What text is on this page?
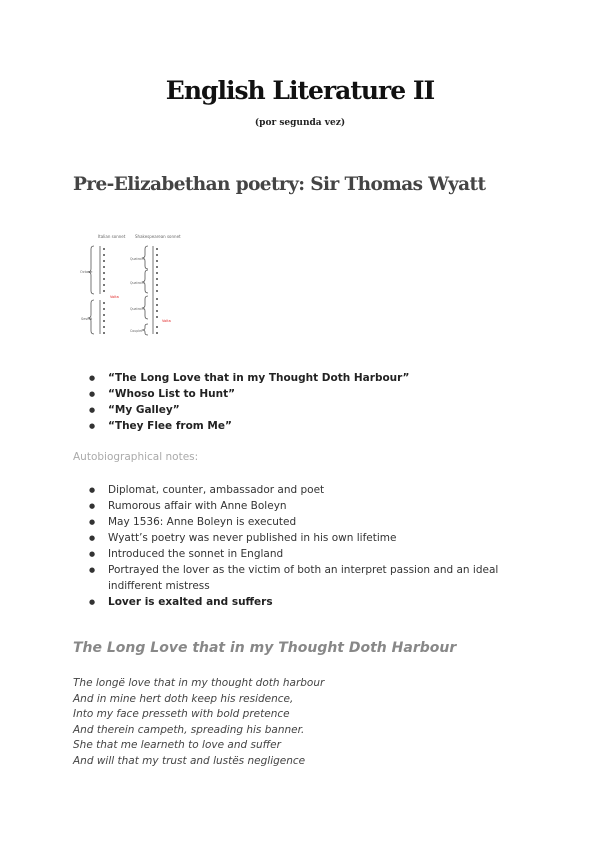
English Literature II

(por segunda vez)

Pre-Elizabethan poetry: Sir Thomas Wyatt
Italian sonnet Shakespearean sonnet
Octave
Sestet
Volta
Quatrain
Quatrain
Quatrain
Couplet
Volta
● “The Long Love that in my Thought Doth Harbour”
● “Whoso List to Hunt”
● “My Galley”
● “They Flee from Me”

Autobiographical notes:

● Diplomat, counter, ambassador and poet
● Rumorous affair with Anne Boleyn
● May 1536: Anne Boleyn is executed
● Wyatt’s poetry was never published in his own lifetime
● Introduced the sonnet in England
● Portrayed the lover as the victim of both an interpret passion and an ideal indifferent mistress
● Lover is exalted and suffers
The Long Love that in my Thought Doth Harbour
The longë love that in my thought doth harbour
And in mine hert doth keep his residence,
Into my face presseth with bold pretence
And therein campeth, spreading his banner.
She that me learneth to love and suffer
And will that my trust and lustës negligence
